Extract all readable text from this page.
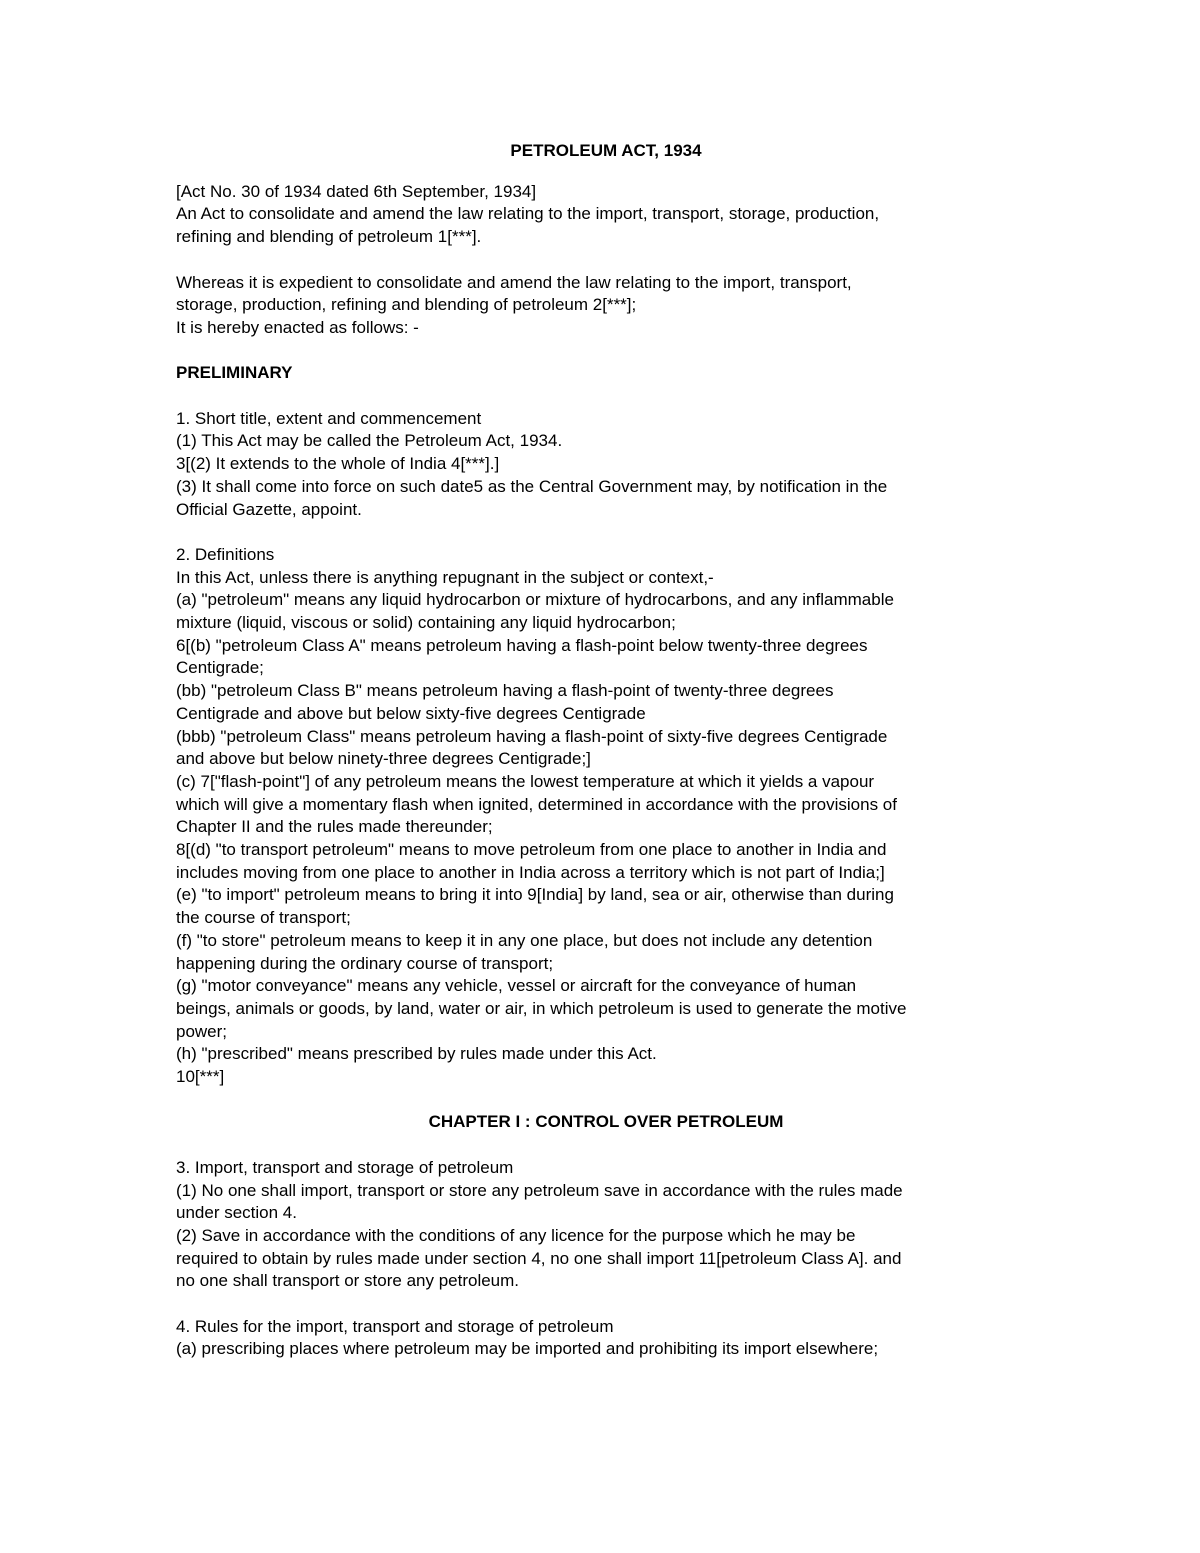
PETROLEUM ACT, 1934

[Act No. 30 of 1934 dated 6th September, 1934]

An Act to consolidate and amend the law relating to the import, transport, storage, production,

refining and blending of petroleum 1[***].

Whereas it is expedient to consolidate and amend the law relating to the import, transport,

storage, production, refining and blending of petroleum 2[***];

It is hereby enacted as follows: -

PRELIMINARY

1. Short title, extent and commencement

(1) This Act may be called the Petroleum Act, 1934.

3[(2) It extends to the whole of India 4[***].]

(3) It shall come into force on such date5 as the Central Government may, by notification in the

Official Gazette, appoint.

2. Definitions

In this Act, unless there is anything repugnant in the subject or context,-

(a) "petroleum" means any liquid hydrocarbon or mixture of hydrocarbons, and any inflammable

mixture (liquid, viscous or solid) containing any liquid hydrocarbon;

6[(b) "petroleum Class A" means petroleum having a flash-point below twenty-three degrees

Centigrade;

(bb) "petroleum Class B" means petroleum having a flash-point of twenty-three degrees

Centigrade and above but below sixty-five degrees Centigrade

(bbb) "petroleum Class" means petroleum having a flash-point of sixty-five degrees Centigrade

and above but below ninety-three degrees Centigrade;]

(c) 7["flash-point"] of any petroleum means the lowest temperature at which it yields a vapour

which will give a momentary flash when ignited, determined in accordance with the provisions of

Chapter II and the rules made thereunder;

8[(d) "to transport petroleum" means to move petroleum from one place to another in India and

includes moving from one place to another in India across a territory which is not part of India;]

(e) "to import" petroleum means to bring it into 9[India] by land, sea or air, otherwise than during

the course of transport;

(f) "to store" petroleum means to keep it in any one place, but does not include any detention

happening during the ordinary course of transport;

(g) "motor conveyance" means any vehicle, vessel or aircraft for the conveyance of human

beings, animals or goods, by land, water or air, in which petroleum is used to generate the motive

power;

(h) "prescribed" means prescribed by rules made under this Act.

10[***]

CHAPTER I : CONTROL OVER PETROLEUM

3. Import, transport and storage of petroleum

(1) No one shall import, transport or store any petroleum save in accordance with the rules made

under section 4.

(2) Save in accordance with the conditions of any licence for the purpose which he may be

required to obtain by rules made under section 4, no one shall import 11[petroleum Class A]. and

no one shall transport or store any petroleum.

4. Rules for the import, transport and storage of petroleum

(a) prescribing places where petroleum may be imported and prohibiting its import elsewhere;
